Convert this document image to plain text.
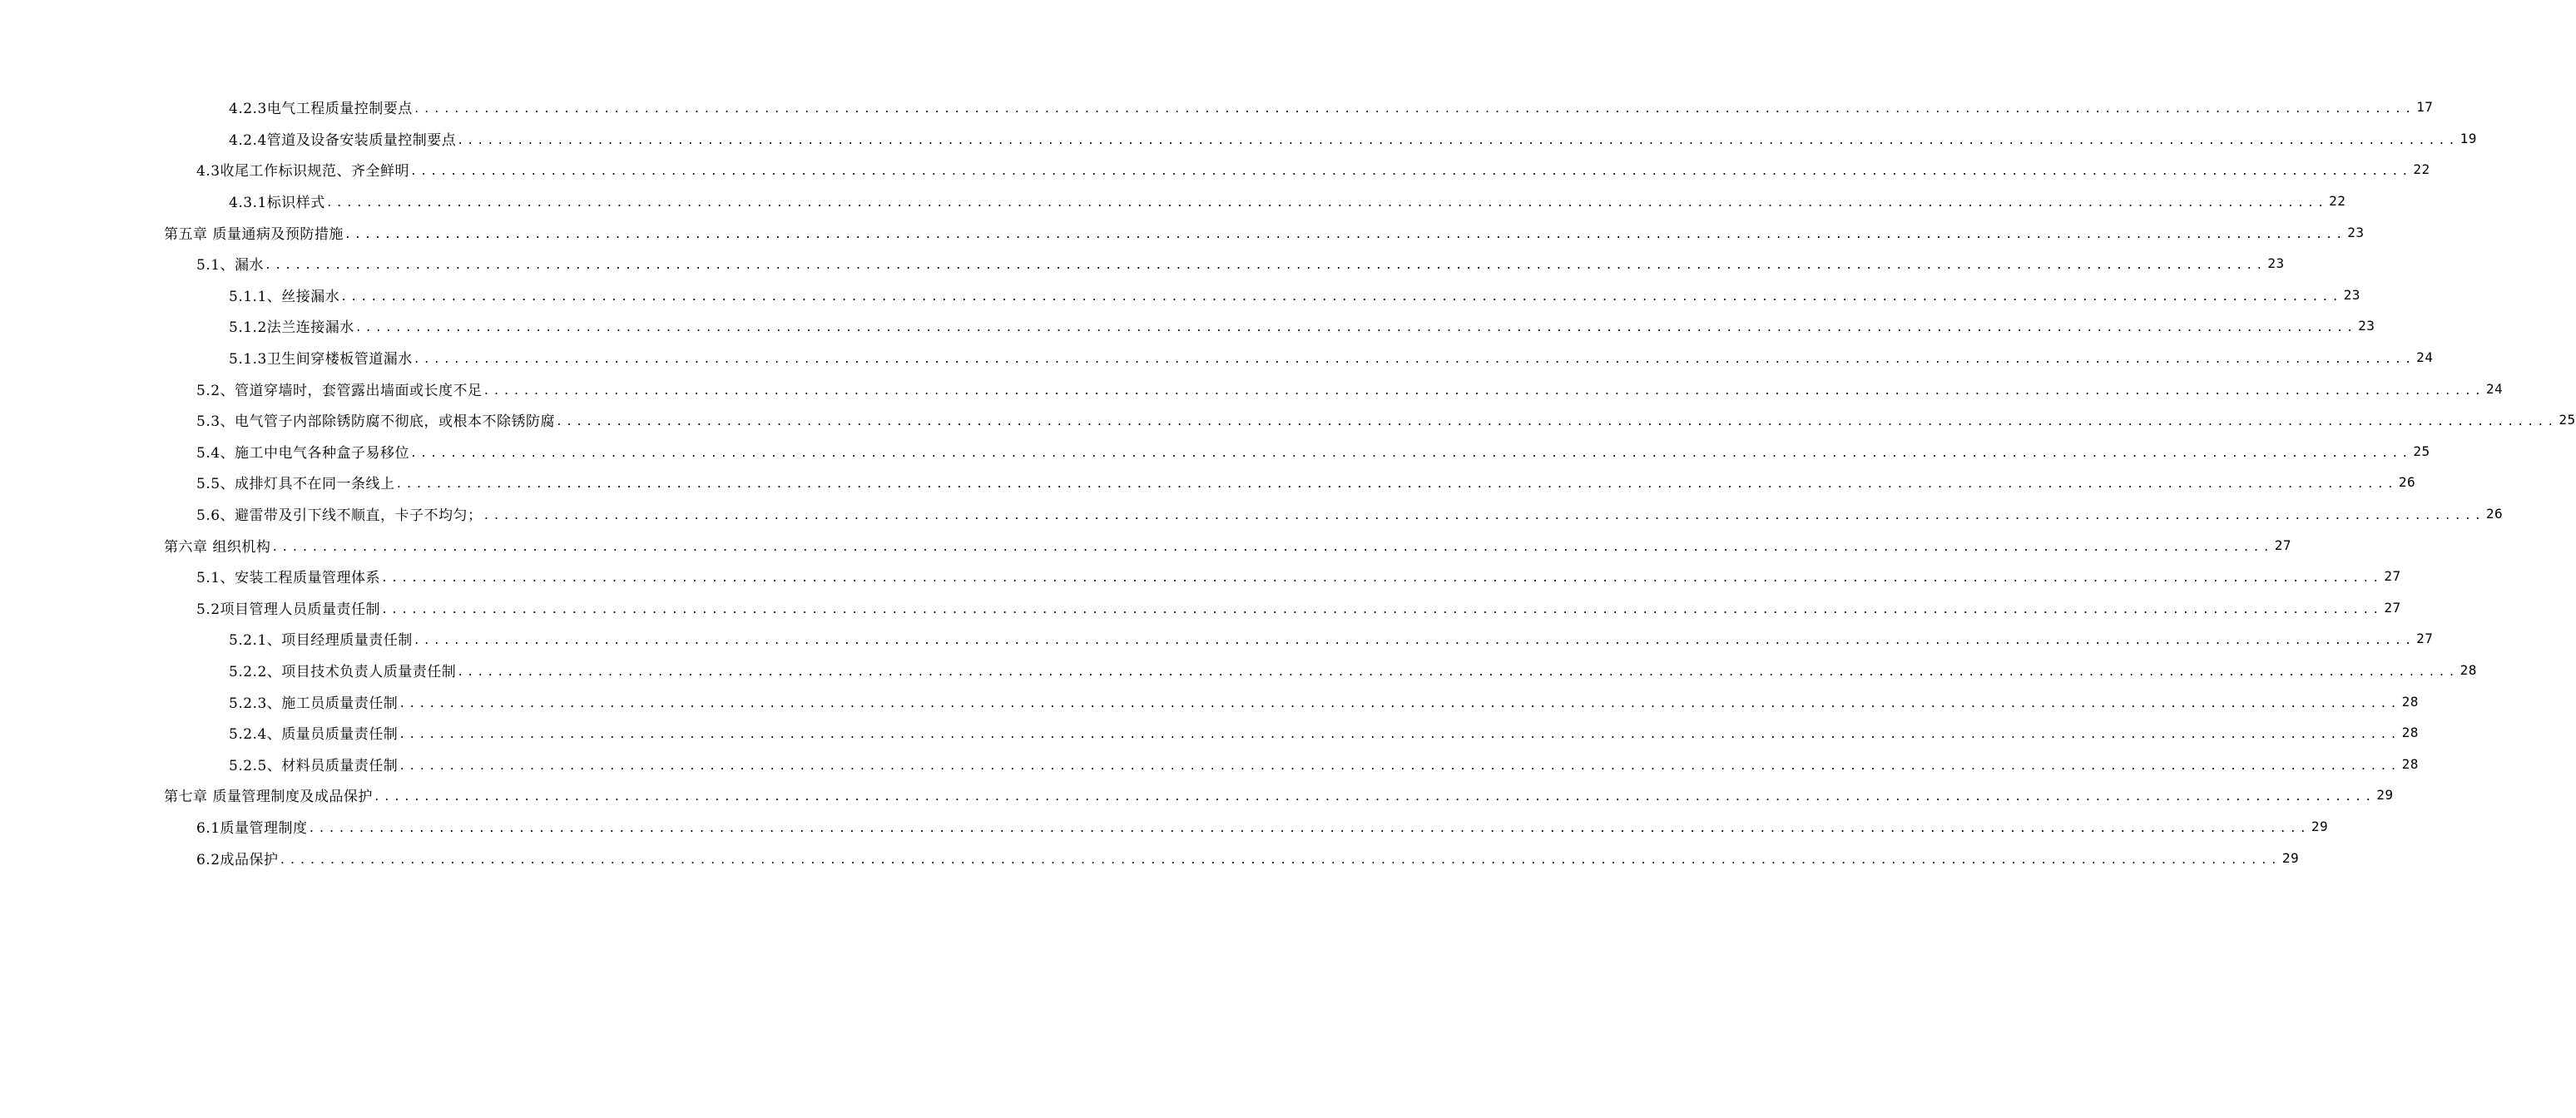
4.2.3电气工程质量控制要点 ........................................................................................................................................................................................................ 17
4.2.4管道及设备安装质量控制要点 ........................................................................................................................................................................................................ 19
4.3收尾工作标识规范、齐全鲜明 ........................................................................................................................................................................................................ 22
4.3.1标识样式 ........................................................................................................................................................................................................ 22
第五章 质量通病及预防措施 ........................................................................................................................................................................................................ 23
5.1、漏水 ........................................................................................................................................................................................................ 23
5.1.1、丝接漏水 ........................................................................................................................................................................................................ 23
5.1.2法兰连接漏水 ........................................................................................................................................................................................................ 23
5.1.3卫生间穿楼板管道漏水 ........................................................................................................................................................................................................ 24
5.2、管道穿墙时，套管露出墙面或长度不足 ........................................................................................................................................................................................................ 24
5.3、电气管子内部除锈防腐不彻底，或根本不除锈防腐 ........................................................................................................................................................................................................ 25
5.4、施工中电气各种盒子易移位 ........................................................................................................................................................................................................ 25
5.5、成排灯具不在同一条线上 ........................................................................................................................................................................................................ 26
5.6、避雷带及引下线不顺直，卡子不均匀； ........................................................................................................................................................................................................ 26
第六章 组织机构 ........................................................................................................................................................................................................ 27
5.1、安装工程质量管理体系 ........................................................................................................................................................................................................ 27
5.2项目管理人员质量责任制 ........................................................................................................................................................................................................ 27
5.2.1、项目经理质量责任制 ........................................................................................................................................................................................................ 27
5.2.2、项目技术负责人质量责任制 ........................................................................................................................................................................................................ 28
5.2.3、施工员质量责任制 ........................................................................................................................................................................................................ 28
5.2.4、质量员质量责任制 ........................................................................................................................................................................................................ 28
5.2.5、材料员质量责任制 ........................................................................................................................................................................................................ 28
第七章 质量管理制度及成品保护 ........................................................................................................................................................................................................ 29
6.1质量管理制度 ........................................................................................................................................................................................................ 29
6.2成品保护 ........................................................................................................................................................................................................ 29
